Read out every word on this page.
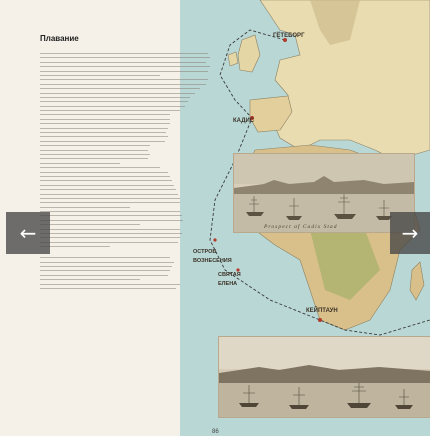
ГЁТЕБОРГ
КАДИС
ОСТРОВ ВОЗНЕСЕНИЯ
СВЯТАЯ ЕЛЕНА
КЕЙПТАУН
Prospect af Cadix Stad
Плавание
86
←	→
